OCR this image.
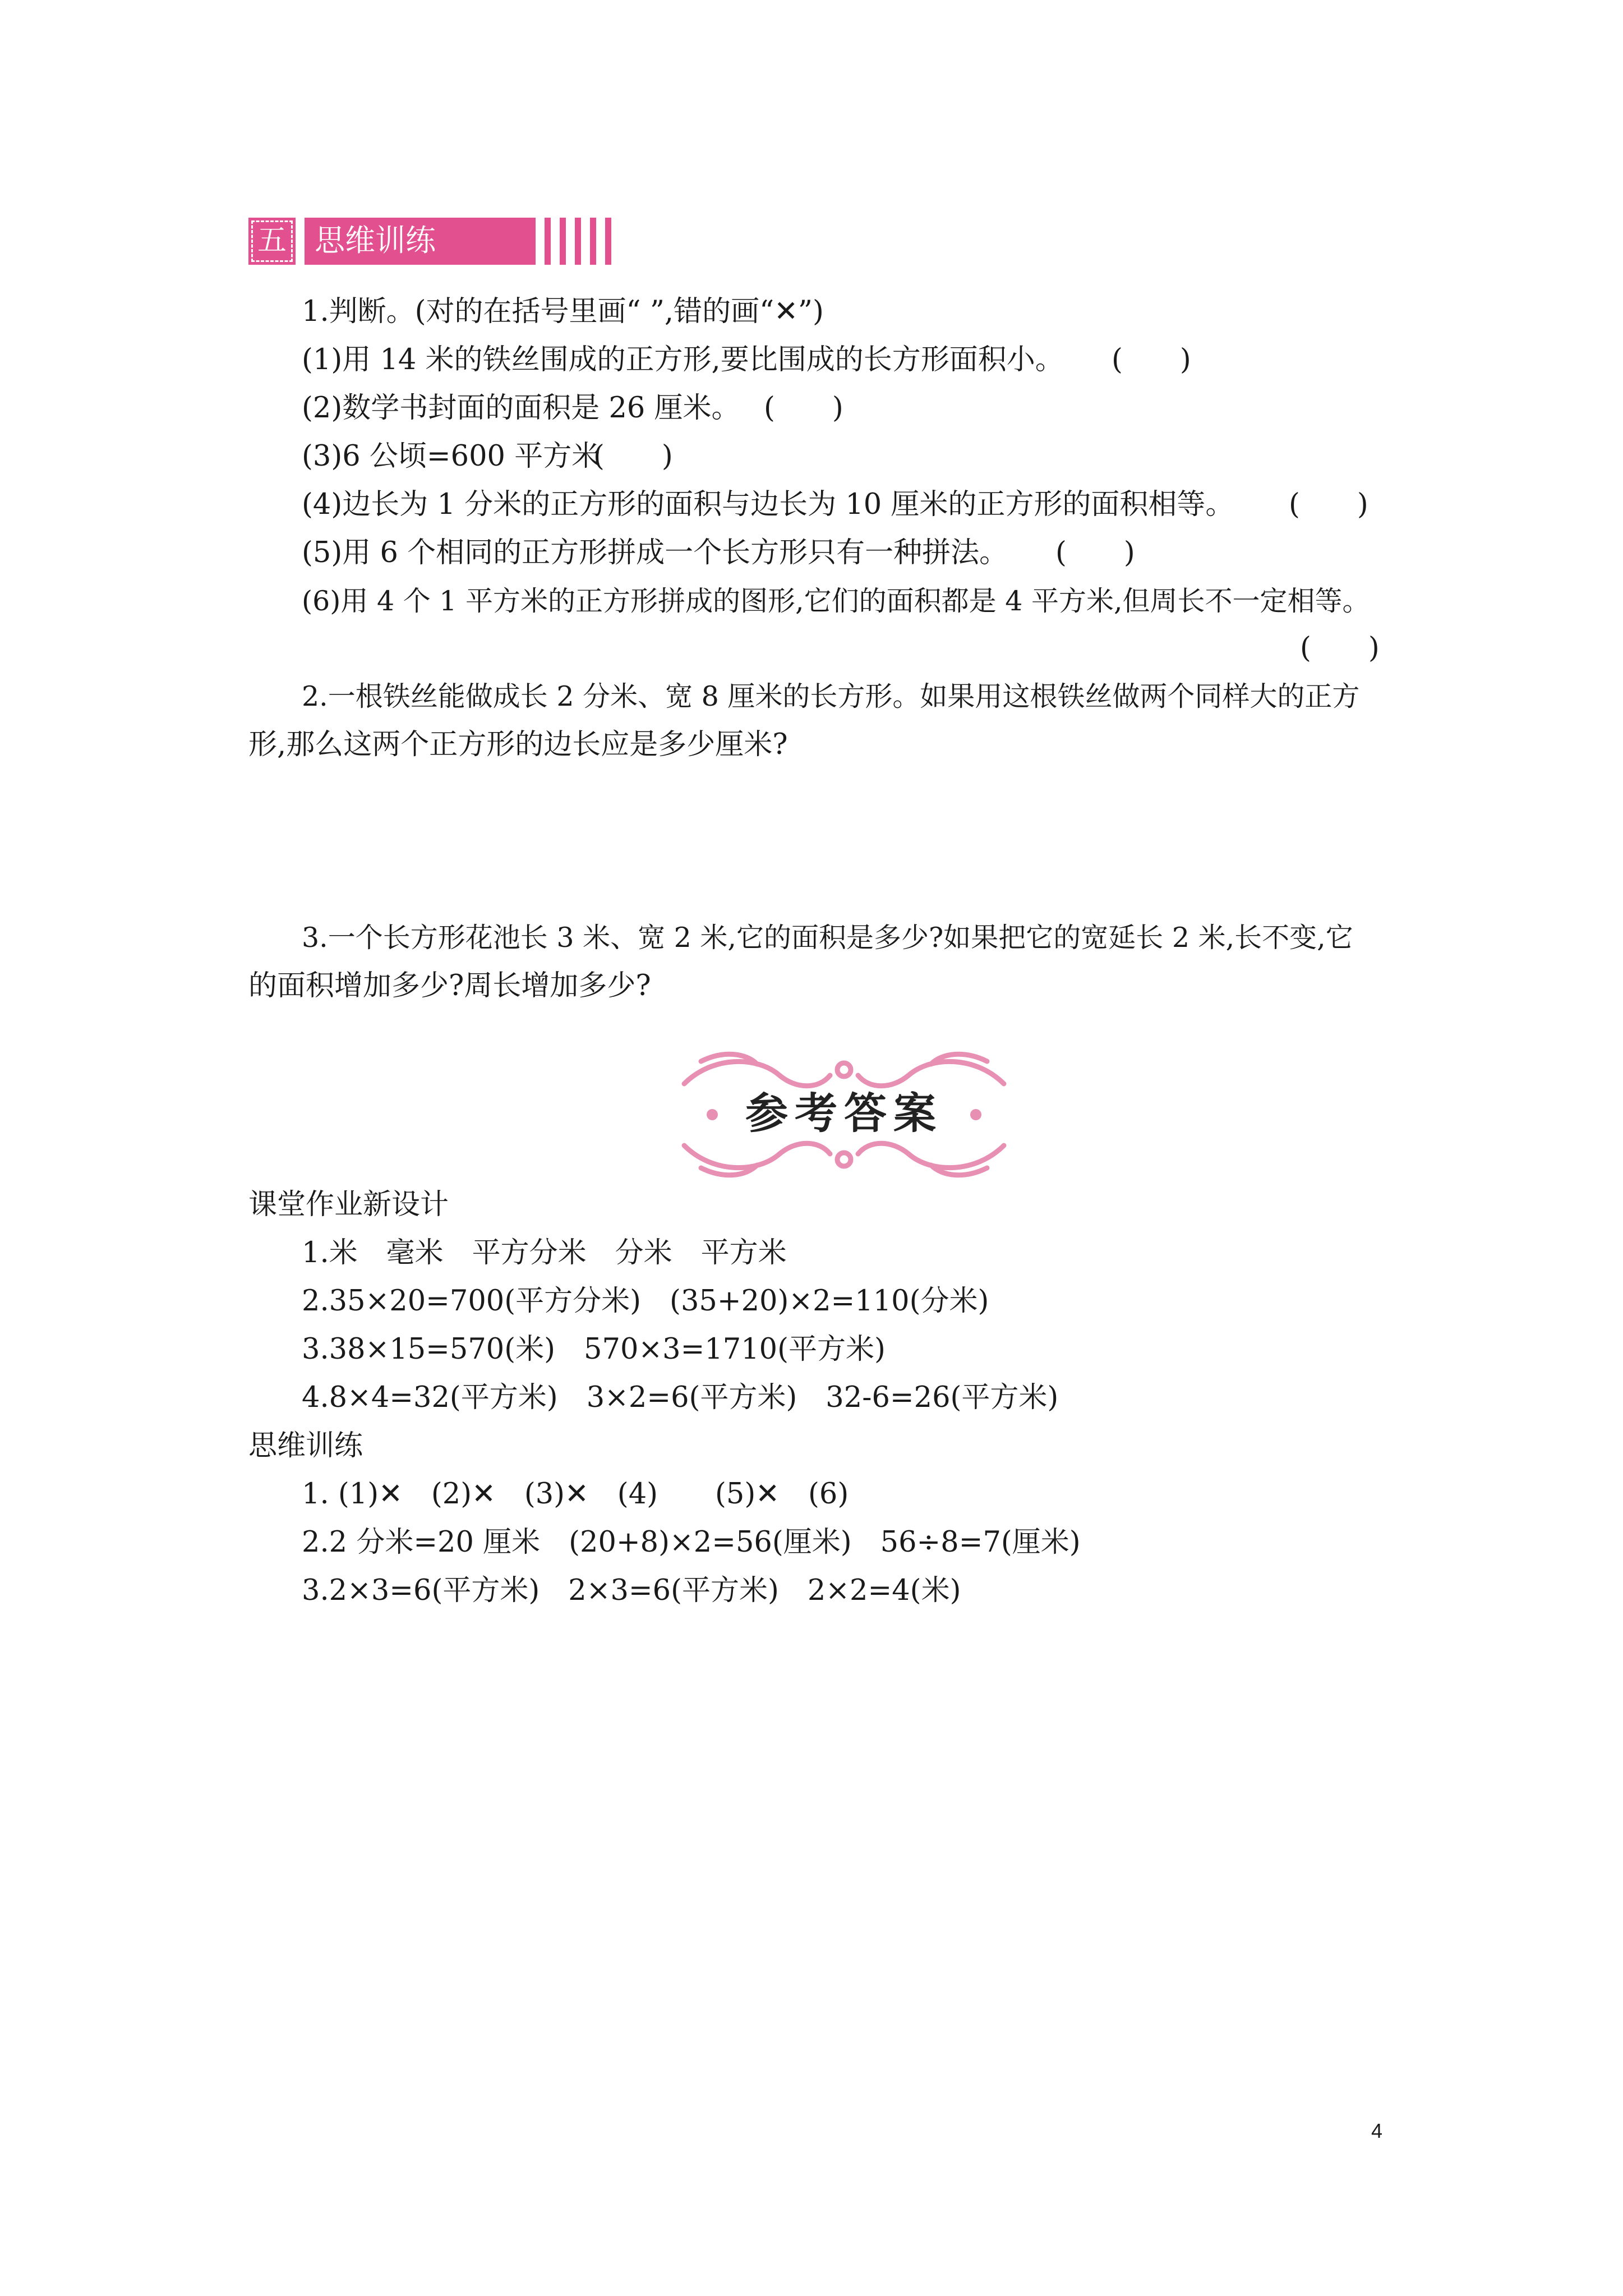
五 思维训练
1.判断。(对的在括号里画“ ”,错的画“✕”)
(1)用 14 米的铁丝围成的正方形,要比围成的长方形面积小。 (　　)
(2)数学书封面的面积是 26 厘米。 (　　)
(3)6 公顷=600 平方米
(　　)
(4)边长为 1 分米的正方形的面积与边长为 10 厘米的正方形的面积相等。 (　　)
(5)用 6 个相同的正方形拼成一个长方形只有一种拼法。 (　　)
(6)用 4 个 1 平方米的正方形拼成的图形,它们的面积都是 4 平方米,但周长不一定相等。
(　　)
2.一根铁丝能做成长 2 分米、宽 8 厘米的长方形。如果用这根铁丝做两个同样大的正方
形,那么这两个正方形的边长应是多少厘米?
3.一个长方形花池长 3 米、宽 2 米,它的面积是多少?如果把它的宽延长 2 米,长不变,它
的面积增加多少?周长增加多少?
参考答案
课堂作业新设计
1.米　毫米　平方分米　分米　平方米
2.35×20=700(平方分米)　(35+20)×2=110(分米)
3.38×15=570(米)　570×3=1710(平方米)
4.8×4=32(平方米)　3×2=6(平方米)　32-6=26(平方米)
思维训练
1. (1)✕　(2)✕　(3)✕　(4)　　(5)✕　(6)
2.2 分米=20 厘米　(20+8)×2=56(厘米)　56÷8=7(厘米)
3.2×3=6(平方米)　2×3=6(平方米)　2×2=4(米)
4
